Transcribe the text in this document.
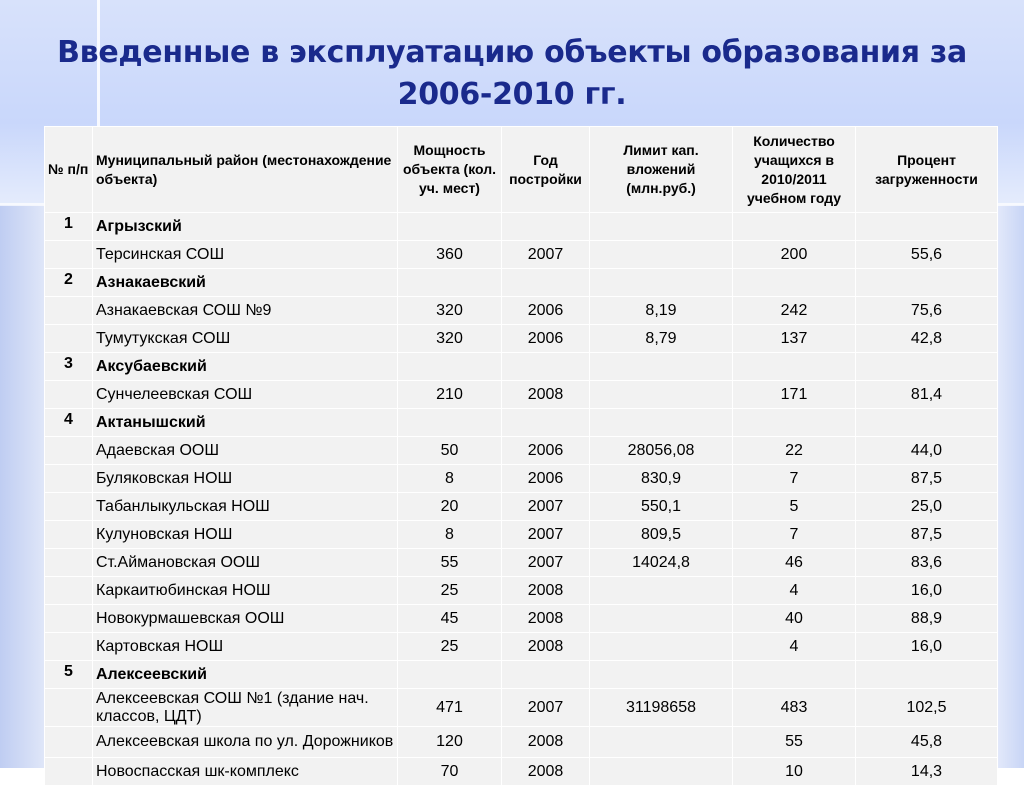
Введенные в эксплуатацию объекты образования за 2006-2010 гг.
№ п/п	Муниципальный район (местонахождение объекта)	Мощность объекта (кол. уч. мест)	Год постройки	Лимит кап. вложений (млн.руб.)	Количество учащихся в 2010/2011 учебном году	Процент загруженности
1	Агрызский					
	Терсинская СОШ	360	2007		200	55,6
2	Азнакаевский					
	Азнакаевская СОШ №9	320	2006	8,19	242	75,6
	Тумутукская СОШ	320	2006	8,79	137	42,8
3	Аксубаевский					
	Сунчелеевская СОШ	210	2008		171	81,4
4	Актанышский					
	Адаевская ООШ	50	2006	28056,08	22	44,0
	Буляковская НОШ	8	2006	830,9	7	87,5
	Табанлыкульская НОШ	20	2007	550,1	5	25,0
	Кулуновская НОШ	8	2007	809,5	7	87,5
	Ст.Аймановская ООШ	55	2007	14024,8	46	83,6
	Каркаитюбинская НОШ	25	2008		4	16,0
	Новокурмашевская ООШ	45	2008		40	88,9
	Картовская НОШ	25	2008		4	16,0
5	Алексеевский					
	Алексеевская СОШ №1 (здание нач. классов, ЦДТ)	471	2007	31198658	483	102,5
	Алексеевская школа по ул. Дорожников	120	2008		55	45,8
	Новоспасская шк-комплекс	70	2008		10	14,3
